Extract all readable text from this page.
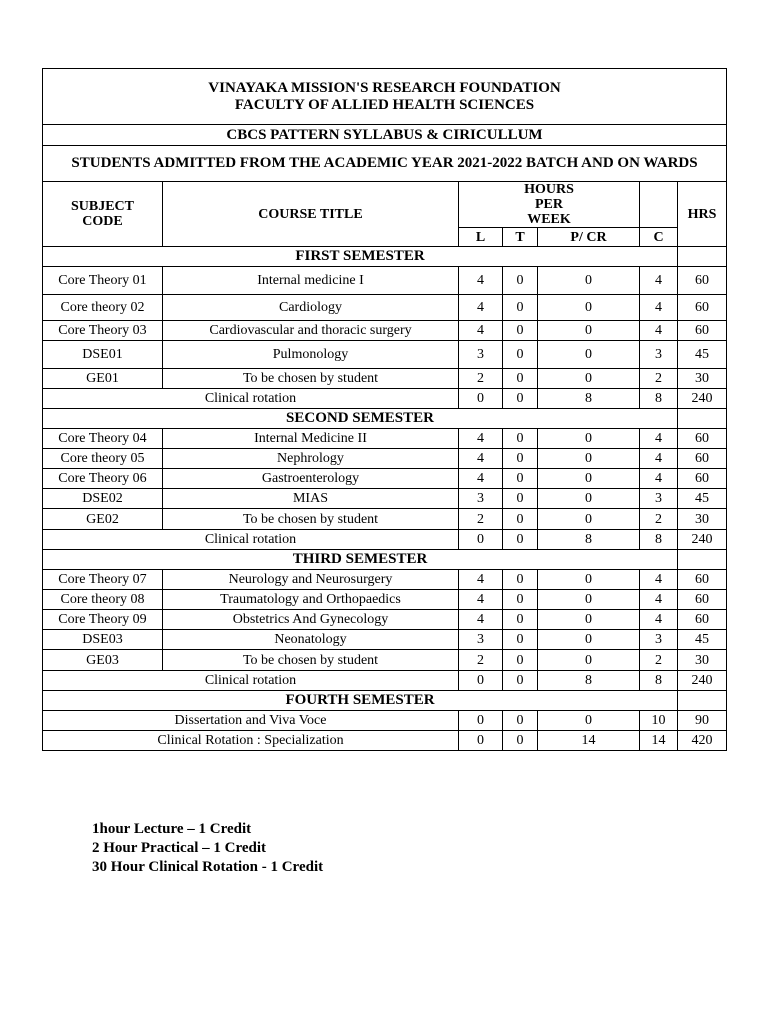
VINAYAKA MISSION'S RESEARCH FOUNDATION
FACULTY OF ALLIED HEALTH SCIENCES						

CBCS PATTERN SYLLABUS & CIRICULLUM						
STUDENTS ADMITTED FROM THE ACADEMIC YEAR 2021-2022 BATCH AND ON WARDS						
SUBJECT CODE	COURSE TITLE	HOURS PER WEEK				HRS
		L	T	P/ CR	C	
FIRST SEMESTER						
Core Theory 01	Internal medicine I	4	0	0	4	60
Core theory 02	Cardiology	4	0	0	4	60
Core Theory 03	Cardiovascular and thoracic surgery	4	0	0	4	60
DSE01	Pulmonology	3	0	0	3	45
GE01	To be chosen by student	2	0	0	2	30
Clinical rotation		0	0	8	8	240
SECOND SEMESTER						
Core Theory 04	Internal Medicine II	4	0	0	4	60
Core theory 05	Nephrology	4	0	0	4	60
Core Theory 06	Gastroenterology	4	0	0	4	60
DSE02	MIAS	3	0	0	3	45
GE02	To be chosen by student	2	0	0	2	30
Clinical rotation		0	0	8	8	240
THIRD SEMESTER						
Core Theory 07	Neurology and Neurosurgery	4	0	0	4	60
Core theory 08	Traumatology and Orthopaedics	4	0	0	4	60
Core Theory 09	Obstetrics And Gynecology	4	0	0	4	60
DSE03	Neonatology	3	0	0	3	45
GE03	To be chosen by student	2	0	0	2	30
Clinical rotation		0	0	8	8	240
FOURTH SEMESTER						
Dissertation and Viva Voce		0	0	0	10	90
Clinical Rotation : Specialization		0	0	14	14	420
1hour Lecture – 1 Credit
2 Hour Practical – 1 Credit
30 Hour Clinical Rotation - 1 Credit
